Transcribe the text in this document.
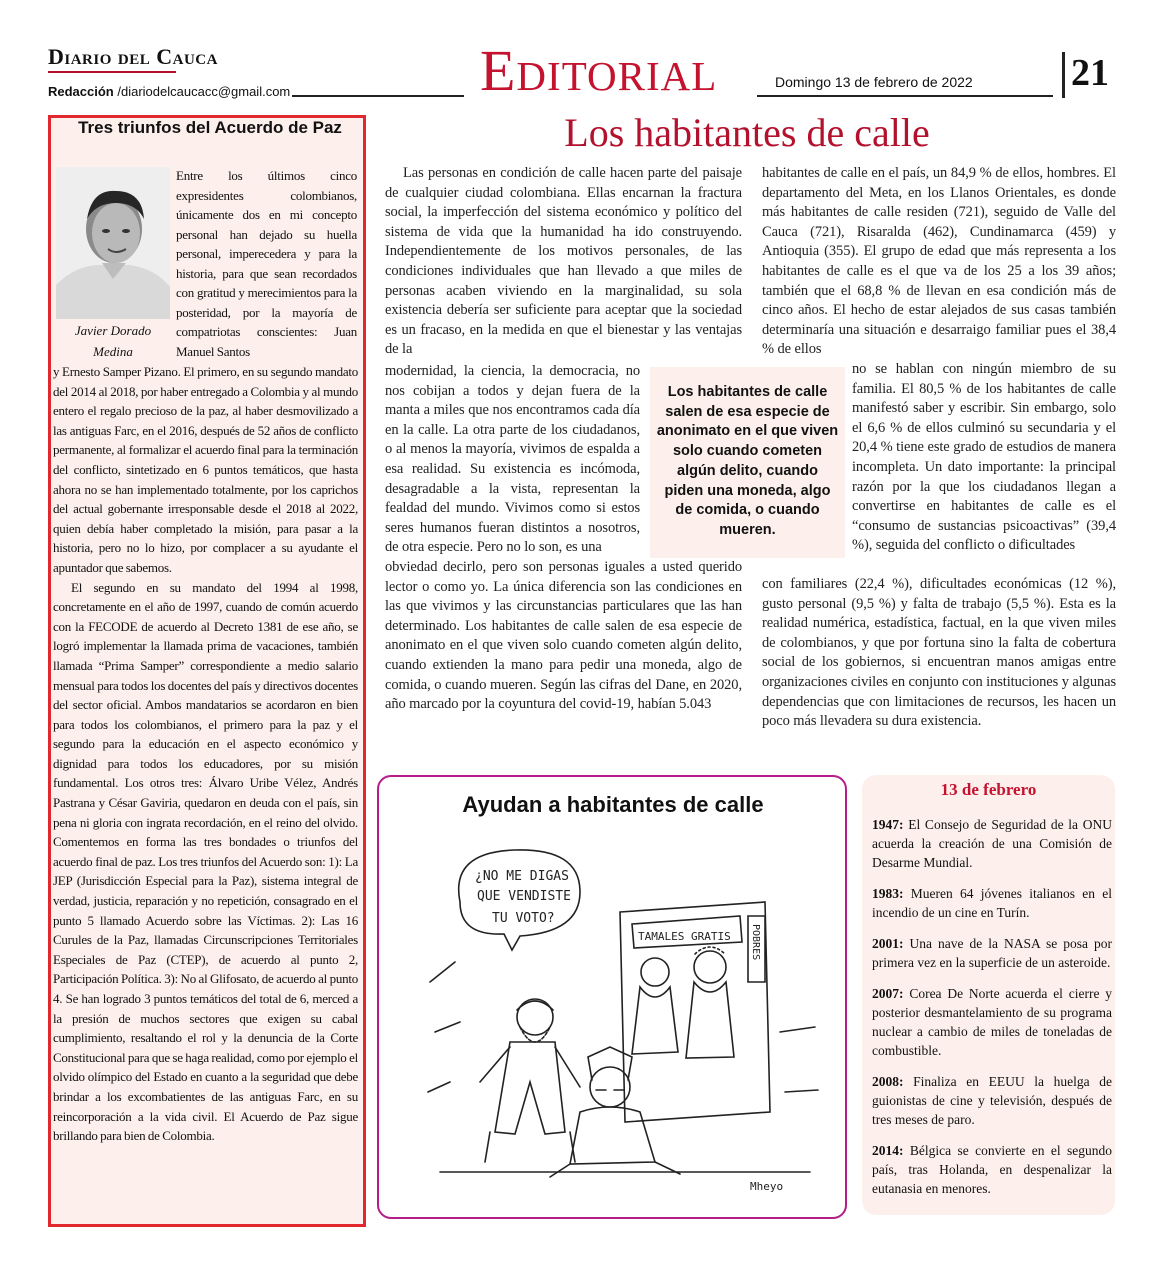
Diario del Cauca
Redacción /diariodelcaucacc@gmail.com	Editorial	Domingo 13 de febrero de 2022	21
Los habitantes de calle
Tres triunfos del Acuerdo de Paz
Javier Dorado Medina
Entre los últimos cinco expresidentes colombianos, únicamente dos en mi concepto personal han dejado su huella personal, imperecedera y para la historia, para que sean recordados con gratitud y merecimientos para la posteridad, por la mayoría de compatriotas conscientes: Juan Manuel Santos
y Ernesto Samper Pizano. El primero, en su segundo mandato del 2014 al 2018, por haber entregado a Colombia y al mundo entero el regalo precioso de la paz, al haber desmovilizado a las antiguas Farc, en el 2016, después de 52 años de conflicto permanente, al formalizar el acuerdo final para la terminación del conflicto, sintetizado en 6 puntos temáticos, que hasta ahora no se han implementado totalmente, por los caprichos del actual gobernante irresponsable desde el 2018 al 2022, quien debía haber completado la misión, para pasar a la historia, pero no lo hizo, por complacer a su ayudante el apuntador que sabemos.
El segundo en su mandato del 1994 al 1998, concretamente en el año de 1997, cuando de común acuerdo con la FECODE de acuerdo al Decreto 1381 de ese año, se logró implementar la llamada prima de vacaciones, también llamada “Prima Samper” correspondiente a medio salario mensual para todos los docentes del país y directivos docentes del sector oficial. Ambos mandatarios se acordaron en bien para todos los colombianos, el primero para la paz y el segundo para la educación en el aspecto económico y dignidad para todos los educadores, por su misión fundamental. Los otros tres: Álvaro Uribe Vélez, Andrés Pastrana y César Gaviria, quedaron en deuda con el país, sin pena ni gloria con ingrata recordación, en el reino del olvido. Comentemos en forma las tres bondades o triunfos del acuerdo final de paz. Los tres triunfos del Acuerdo son: 1): La JEP (Jurisdicción Especial para la Paz), sistema integral de verdad, justicia, reparación y no repetición, consagrado en el punto 5 llamado Acuerdo sobre las Víctimas. 2): Las 16 Curules de la Paz, llamadas Circunscripciones Territoriales Especiales de Paz (CTEP), de acuerdo al punto 2, Participación Política. 3): No al Glifosato, de acuerdo al punto 4. Se han logrado 3 puntos temáticos del total de 6, merced a la presión de muchos sectores que exigen su cabal cumplimiento, resaltando el rol y la denuncia de la Corte Constitucional para que se haga realidad, como por ejemplo el olvido olímpico del Estado en cuanto a la seguridad que debe brindar a los excombatientes de las antiguas Farc, en su reincorporación a la vida civil. El Acuerdo de Paz sigue brillando para bien de Colombia.
Las personas en condición de calle hacen parte del paisaje de cualquier ciudad colombiana. Ellas encarnan la fractura social, la imperfección del sistema económico y político del sistema de vida que la humanidad ha ido construyendo. Independientemente de los motivos personales, de las condiciones individuales que han llevado a que miles de personas acaben viviendo en la marginalidad, su sola existencia debería ser suficiente para aceptar que la sociedad es un fracaso, en la medida en que el bienestar y las ventajas de la
modernidad, la ciencia, la democracia, no nos cobijan a todos y dejan fuera de la manta a miles que nos encontramos cada día en la calle. La otra parte de los ciudadanos, o al menos la mayoría, vivimos de espalda a esa realidad. Su existencia es incómoda, desagradable a la vista, representan la fealdad del mundo. Vivimos como si estos seres humanos fueran distintos a nosotros, de otra especie. Pero no lo son, es una
obviedad decirlo, pero son personas iguales a usted querido lector o como yo. La única diferencia son las condiciones en las que vivimos y las circunstancias particulares que las han determinado. Los habitantes de calle salen de esa especie de anonimato en el que viven solo cuando cometen algún delito, cuando extienden la mano para pedir una moneda, algo de comida, o cuando mueren. Según las cifras del Dane, en 2020, año marcado por la coyuntura del covid-19, habían 5.043
habitantes de calle en el país, un 84,9 % de ellos, hombres. El departamento del Meta, en los Llanos Orientales, es donde más habitantes de calle residen (721), seguido de Valle del Cauca (721), Risaralda (462), Cundinamarca (459) y Antioquia (355). El grupo de edad que más representa a los habitantes de calle es el que va de los 25 a los 39 años; también que el 68,8 % de llevan en esa condición más de cinco años. El hecho de estar alejados de sus casas también determinaría una situación e desarraigo familiar pues el 38,4 % de ellos
no se hablan con ningún miembro de su familia. El 80,5 % de los habitantes de calle manifestó saber y escribir. Sin embargo, solo el 6,6 % de ellos culminó su secundaria y el 20,4 % tiene este grado de estudios de manera incompleta. Un dato importante: la principal razón por la que los ciudadanos llegan a convertirse en habitantes de calle es el “consumo de sustancias psicoactivas” (39,4 %), seguida del conflicto o dificultades
con familiares (22,4 %), dificultades económicas (12 %), gusto personal (9,5 %) y falta de trabajo (5,5 %). Esta es la realidad numérica, estadística, factual, en la que viven miles de colombianos, y que por fortuna sino la falta de cobertura social de los gobiernos, si encuentran manos amigas entre organizaciones civiles en conjunto con instituciones y algunas dependencias que con limitaciones de recursos, les hacen un poco más llevadera su dura existencia.
Los habitantes de calle salen de esa especie de anonimato en el que viven solo cuando cometen algún delito, cuando piden una moneda, algo de comida, o cuando mueren.
Ayudan a habitantes de calle
¿NO ME DIGAS
QUE VENDISTE
TU VOTO?
TAMALES GRATIS POBRES
Mheyo
13 de febrero
1947: El Consejo de Seguridad de la ONU acuerda la creación de una Comisión de Desarme Mundial.
1983: Mueren 64 jóvenes italianos en el incendio de un cine en Turín.
2001: Una nave de la NASA se posa por primera vez en la superficie de un asteroide.
2007: Corea De Norte acuerda el cierre y posterior desmantelamiento de su programa nuclear a cambio de miles de toneladas de combustible.
2008: Finaliza en EEUU la huelga de guionistas de cine y televisión, después de tres meses de paro.
2014: Bélgica se convierte en el segundo país, tras Holanda, en despenalizar la eutanasia en menores.
